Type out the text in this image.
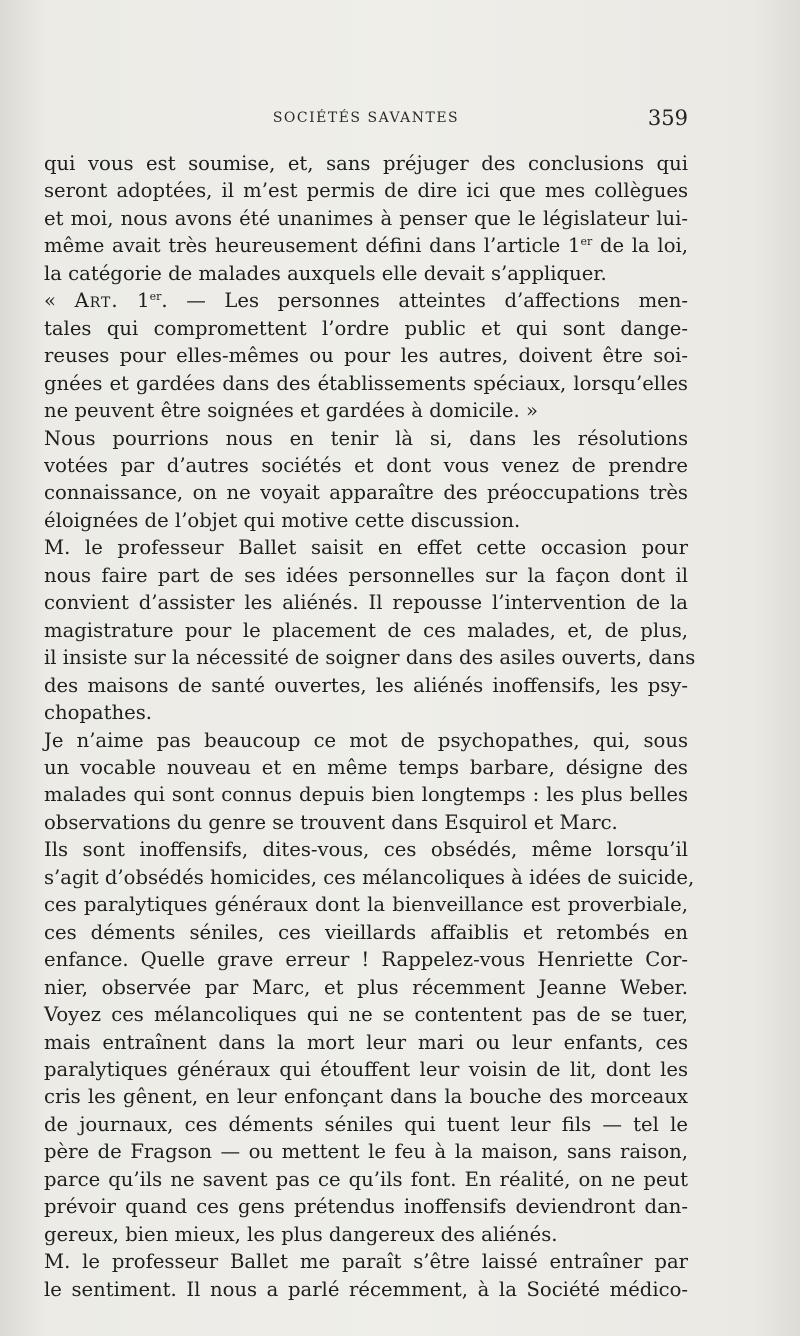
SOCIÉTÉS SAVANTES	359
qui vous est soumise, et, sans préjuger des conclusions qui
seront adoptées, il m’est permis de dire ici que mes collègues
et moi, nous avons été unanimes à penser que le législateur lui-
même avait très heureusement défini dans l’article 1er de la loi,
la catégorie de malades auxquels elle devait s’appliquer.
« Art. 1er. — Les personnes atteintes d’affections men-
tales qui compromettent l’ordre public et qui sont dange-
reuses pour elles-mêmes ou pour les autres, doivent être soi-
gnées et gardées dans des établissements spéciaux, lorsqu’elles
ne peuvent être soignées et gardées à domicile. »
Nous pourrions nous en tenir là si, dans les résolutions
votées par d’autres sociétés et dont vous venez de prendre
connaissance, on ne voyait apparaître des préoccupations très
éloignées de l’objet qui motive cette discussion.
M. le professeur Ballet saisit en effet cette occasion pour
nous faire part de ses idées personnelles sur la façon dont il
convient d’assister les aliénés. Il repousse l’intervention de la
magistrature pour le placement de ces malades, et, de plus,
il insiste sur la nécessité de soigner dans des asiles ouverts, dans
des maisons de santé ouvertes, les aliénés inoffensifs, les psy-
chopathes.
Je n’aime pas beaucoup ce mot de psychopathes, qui, sous
un vocable nouveau et en même temps barbare, désigne des
malades qui sont connus depuis bien longtemps : les plus belles
observations du genre se trouvent dans Esquirol et Marc.
Ils sont inoffensifs, dites-vous, ces obsédés, même lorsqu’il
s’agit d’obsédés homicides, ces mélancoliques à idées de suicide,
ces paralytiques généraux dont la bienveillance est proverbiale,
ces déments séniles, ces vieillards affaiblis et retombés en
enfance. Quelle grave erreur ! Rappelez-vous Henriette Cor-
nier, observée par Marc, et plus récemment Jeanne Weber.
Voyez ces mélancoliques qui ne se contentent pas de se tuer,
mais entraînent dans la mort leur mari ou leur enfants, ces
paralytiques généraux qui étouffent leur voisin de lit, dont les
cris les gênent, en leur enfonçant dans la bouche des morceaux
de journaux, ces déments séniles qui tuent leur fils — tel le
père de Fragson — ou mettent le feu à la maison, sans raison,
parce qu’ils ne savent pas ce qu’ils font. En réalité, on ne peut
prévoir quand ces gens prétendus inoffensifs deviendront dan-
gereux, bien mieux, les plus dangereux des aliénés.
M. le professeur Ballet me paraît s’être laissé entraîner par
le sentiment. Il nous a parlé récemment, à la Société médico-
